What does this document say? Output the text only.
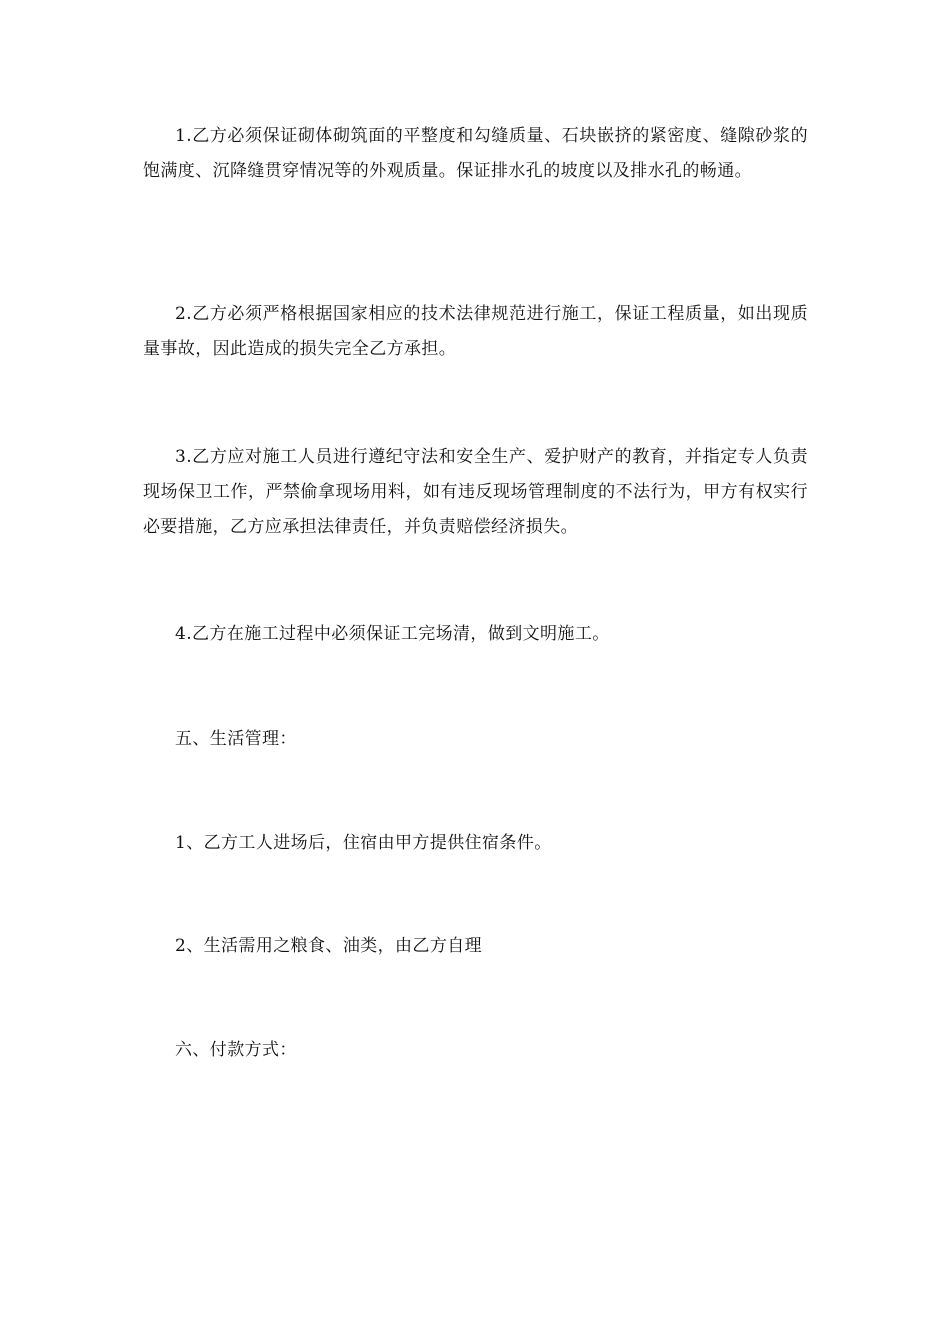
1.乙方必须保证砌体砌筑面的平整度和勾缝质量、石块嵌挤的紧密度、缝隙砂浆的饱满度、沉降缝贯穿情况等的外观质量。保证排水孔的坡度以及排水孔的畅通。

2.乙方必须严格根据国家相应的技术法律规范进行施工，保证工程质量，如出现质量事故，因此造成的损失完全乙方承担。

3.乙方应对施工人员进行遵纪守法和安全生产、爱护财产的教育，并指定专人负责现场保卫工作，严禁偷拿现场用料，如有违反现场管理制度的不法行为，甲方有权实行必要措施，乙方应承担法律责任，并负责赔偿经济损失。

4.乙方在施工过程中必须保证工完场清，做到文明施工。

五、生活管理：

1、乙方工人进场后，住宿由甲方提供住宿条件。

2、生活需用之粮食、油类，由乙方自理

六、付款方式：
